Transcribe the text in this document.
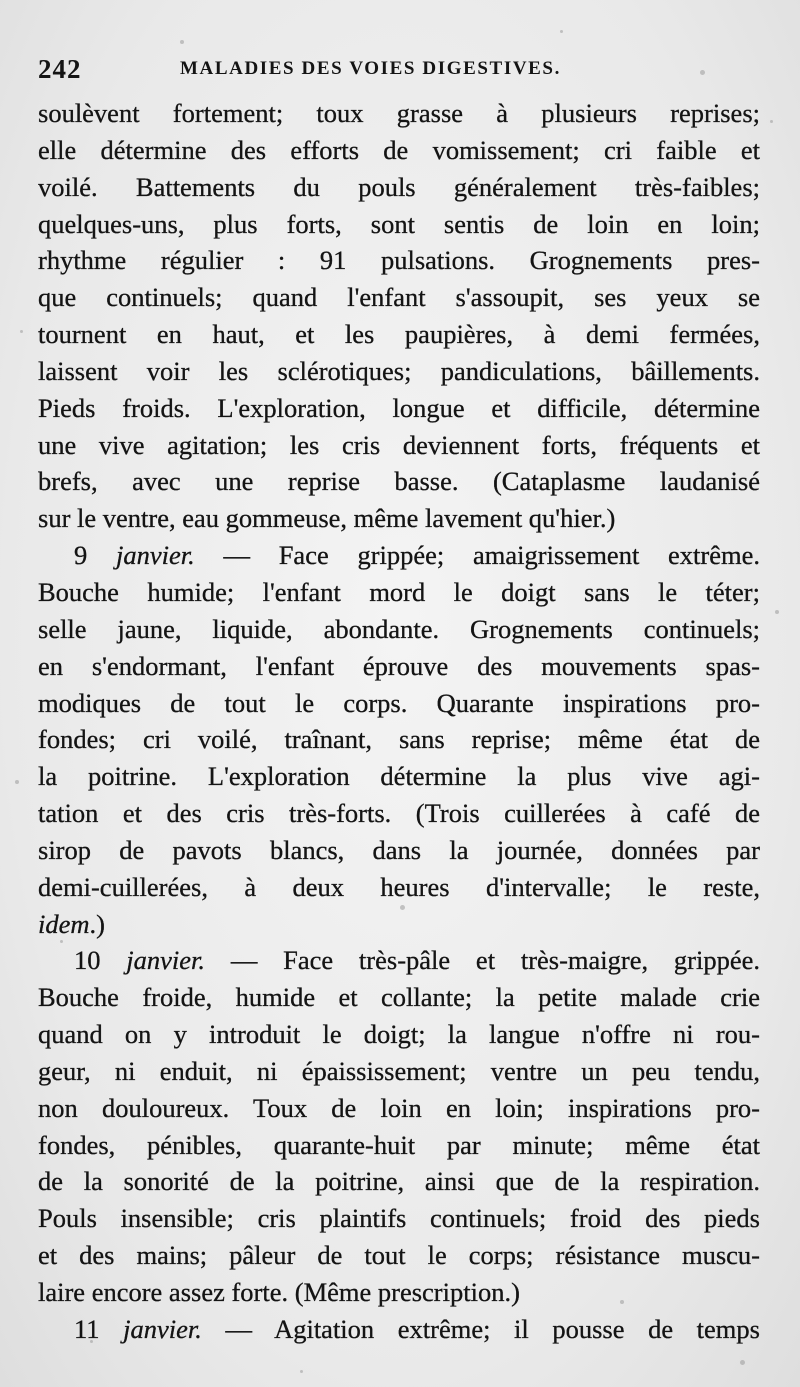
242	MALADIES DES VOIES DIGESTIVES.
soulèvent fortement; toux grasse à plusieurs reprises;
elle détermine des efforts de vomissement; cri faible et
voilé. Battements du pouls généralement très-faibles;
quelques-uns, plus forts, sont sentis de loin en loin;
rhythme régulier : 91 pulsations. Grognements pres-
que continuels; quand l'enfant s'assoupit, ses yeux se
tournent en haut, et les paupières, à demi fermées,
laissent voir les sclérotiques; pandiculations, bâillements.
Pieds froids. L'exploration, longue et difficile, détermine
une vive agitation; les cris deviennent forts, fréquents et
brefs, avec une reprise basse. (Cataplasme laudanisé
sur le ventre, eau gommeuse, même lavement qu'hier.)
9 janvier. — Face grippée; amaigrissement extrême.
Bouche humide; l'enfant mord le doigt sans le téter;
selle jaune, liquide, abondante. Grognements continuels;
en s'endormant, l'enfant éprouve des mouvements spas-
modiques de tout le corps. Quarante inspirations pro-
fondes; cri voilé, traînant, sans reprise; même état de
la poitrine. L'exploration détermine la plus vive agi-
tation et des cris très-forts. (Trois cuillerées à café de
sirop de pavots blancs, dans la journée, données par
demi-cuillerées, à deux heures d'intervalle; le reste,
idem.)
10 janvier. — Face très-pâle et très-maigre, grippée.
Bouche froide, humide et collante; la petite malade crie
quand on y introduit le doigt; la langue n'offre ni rou-
geur, ni enduit, ni épaississement; ventre un peu tendu,
non douloureux. Toux de loin en loin; inspirations pro-
fondes, pénibles, quarante-huit par minute; même état
de la sonorité de la poitrine, ainsi que de la respiration.
Pouls insensible; cris plaintifs continuels; froid des pieds
et des mains; pâleur de tout le corps; résistance muscu-
laire encore assez forte. (Même prescription.)
11 janvier. — Agitation extrême; il pousse de temps
